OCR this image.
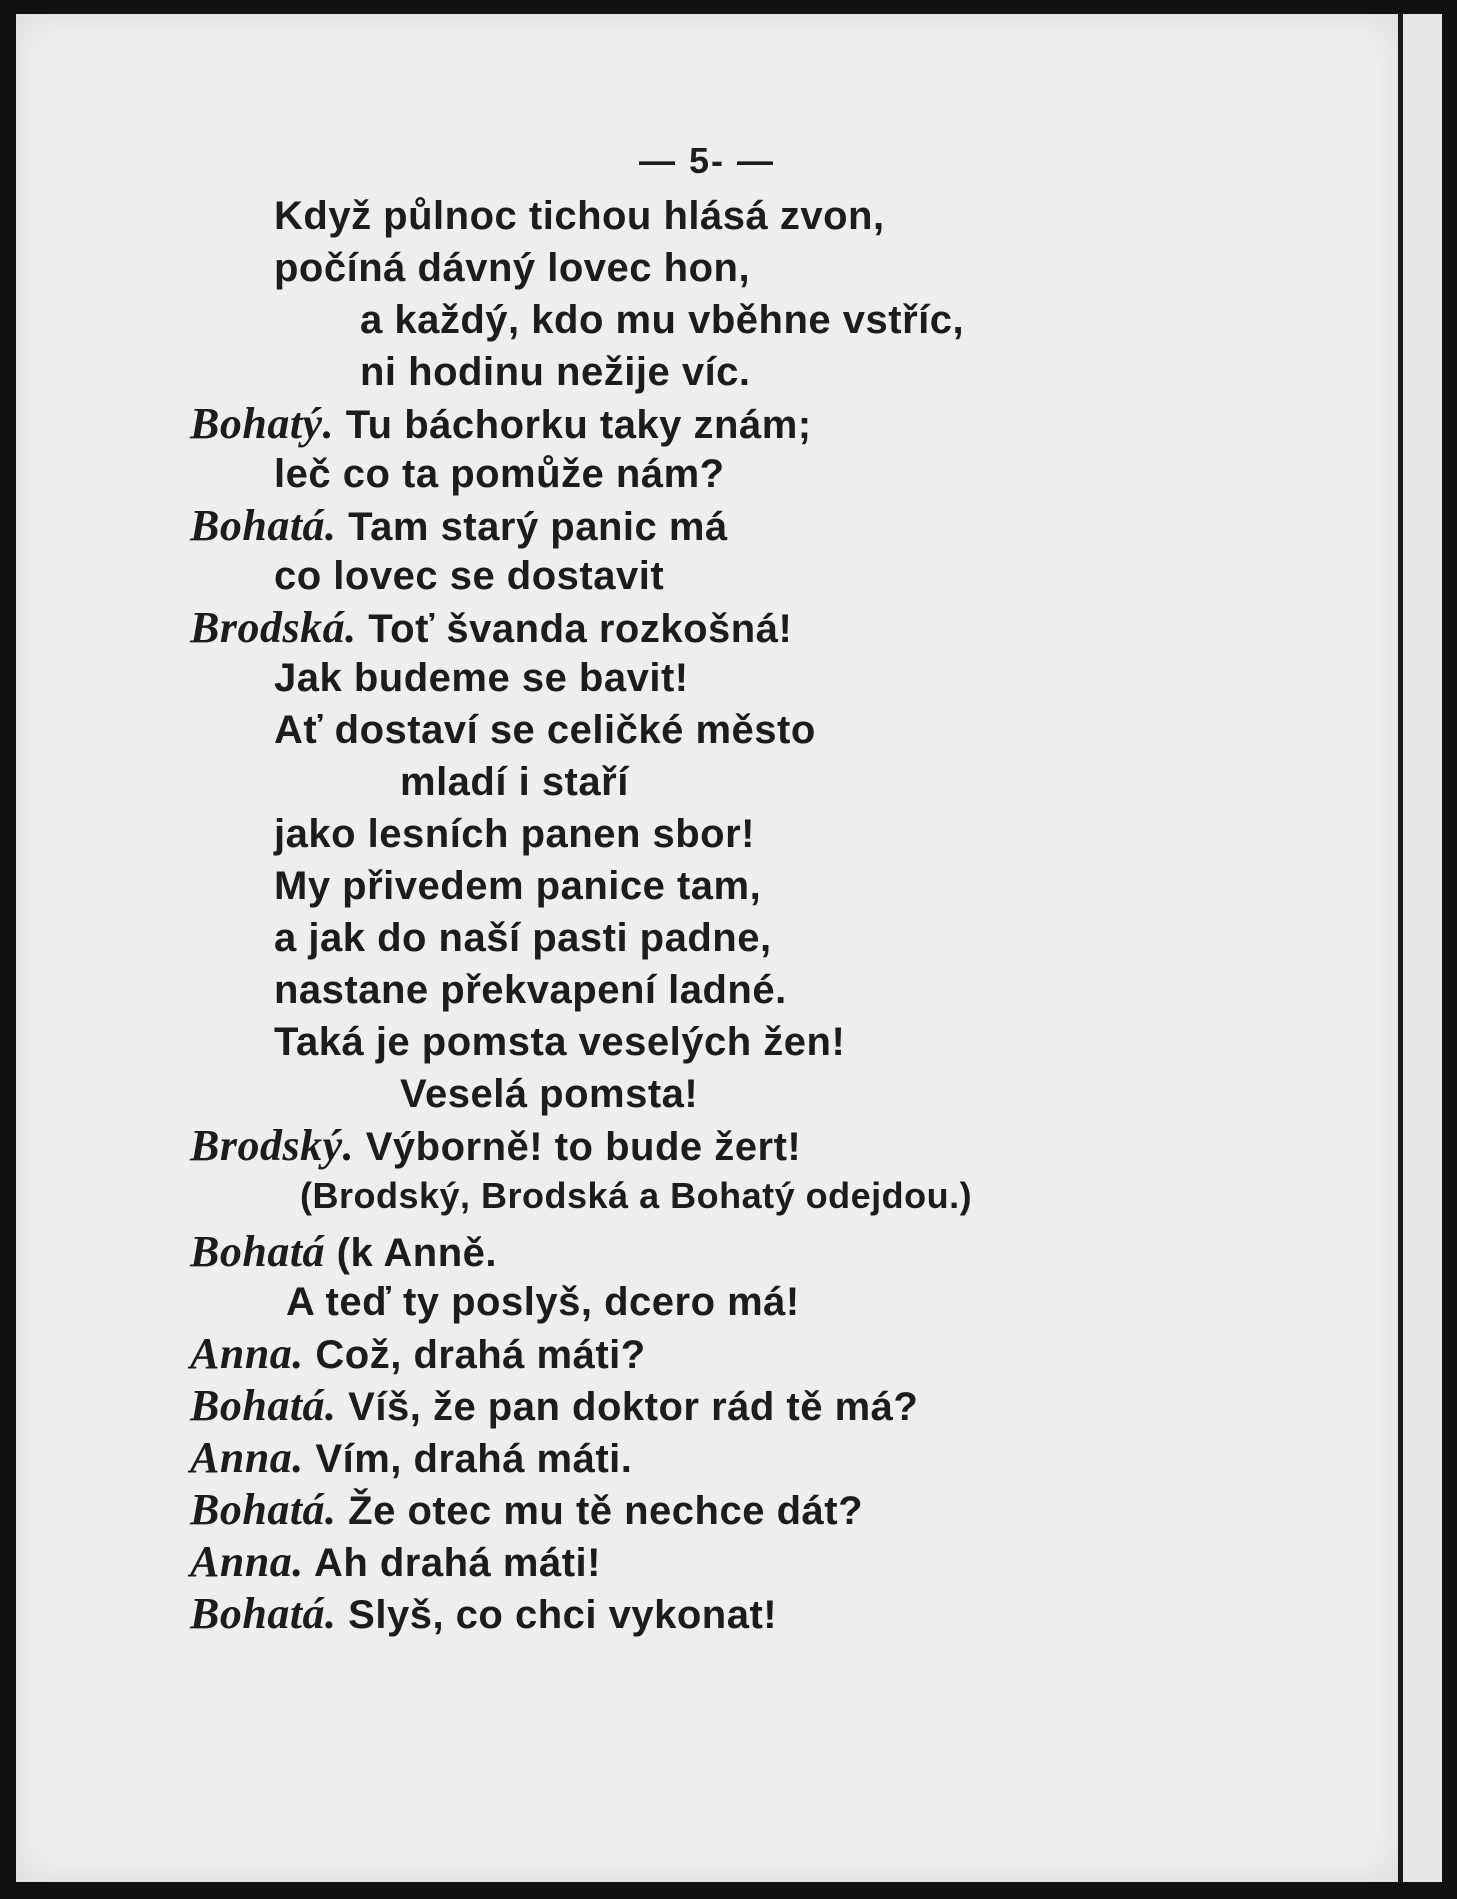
— 5- —
Když půlnoc tichou hlásá zvon,
počíná dávný lovec hon,
a každý, kdo mu vběhne vstříc,
ni hodinu nežije víc.
Bohatý. Tu báchorku taky znám;
leč co ta pomůže nám?
Bohatá. Tam starý panic má
co lovec se dostavit
Brodská. Toť švanda rozkošná!
Jak budeme se bavit!
Ať dostaví se celičké město
mladí i staří
jako lesních panen sbor!
My přivedem panice tam,
a jak do naší pasti padne,
nastane překvapení ladné.
Taká je pomsta veselých žen!
Veselá pomsta!
Brodský. Výborně! to bude žert!
(Brodský, Brodská a Bohatý odejdou.)
Bohatá (k Anně.
A teď ty poslyš, dcero má!
Anna. Což, drahá máti?
Bohatá. Víš, že pan doktor rád tě má?
Anna. Vím, drahá máti.
Bohatá. Že otec mu tě nechce dát?
Anna. Ah drahá máti!
Bohatá. Slyš, co chci vykonat!
